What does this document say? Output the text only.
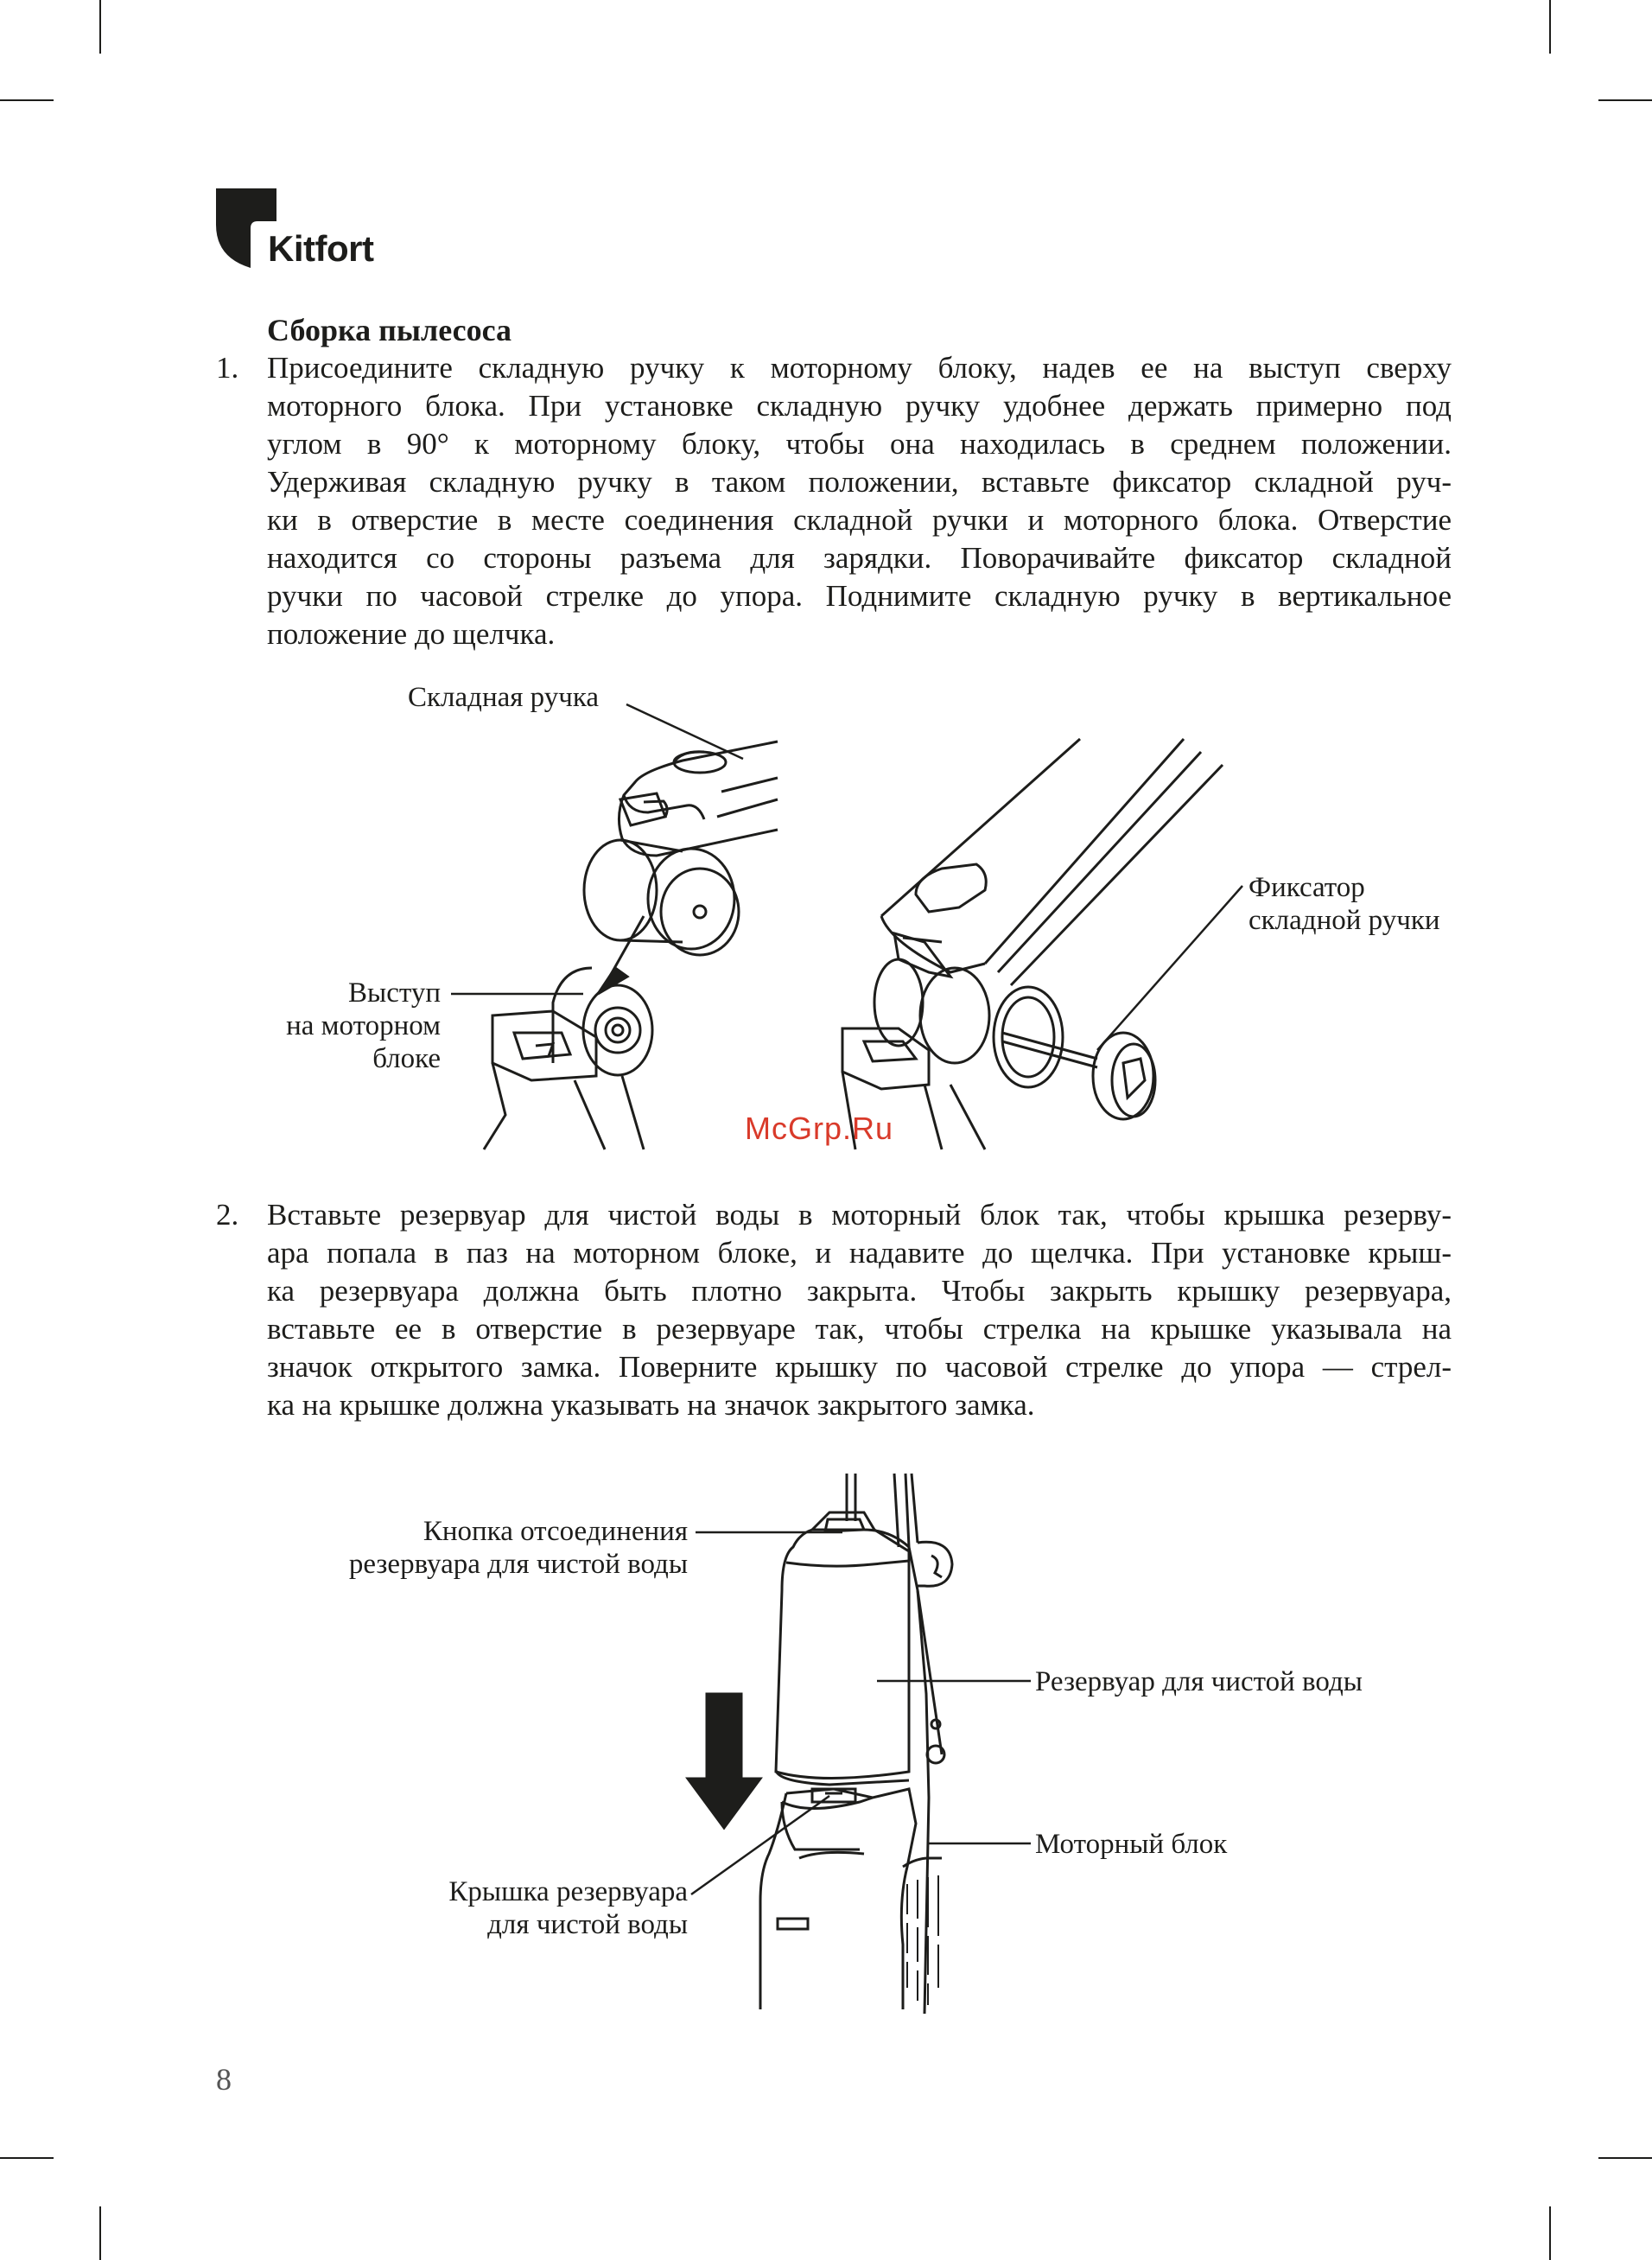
Kitfort
Сборка пылесоса
1. Присоедините складную ручку к моторному блоку, надев ее на выступ сверху
моторного блока. При установке складную ручку удобнее держать примерно под
углом в 90° к моторному блоку, чтобы она находилась в среднем положении.
Удерживая складную ручку в таком положении, вставьте фиксатор складной руч-
ки в отверстие в месте соединения складной ручки и моторного блока. Отверстие
находится со стороны разъема для зарядки. Поворачивайте фиксатор складной
ручки по часовой стрелке до упора. Поднимите складную ручку в вертикальное
положение до щелчка.
Складная ручка
Фиксатор
складной ручки
Выступ
на моторном
блоке
McGrp.Ru
2. Вставьте резервуар для чистой воды в моторный блок так, чтобы крышка резерву-
ара попала в паз на моторном блоке, и надавите до щелчка. При установке крыш-
ка резервуара должна быть плотно закрыта. Чтобы закрыть крышку резервуара,
вставьте ее в отверстие в резервуаре так, чтобы стрелка на крышке указывала на
значок открытого замка. Поверните крышку по часовой стрелке до упора — стрел-
ка на крышке должна указывать на значок закрытого замка.
Кнопка отсоединения
резервуара для чистой воды
Резервуар для чистой воды
Моторный блок
Крышка резервуара
для чистой воды
8
